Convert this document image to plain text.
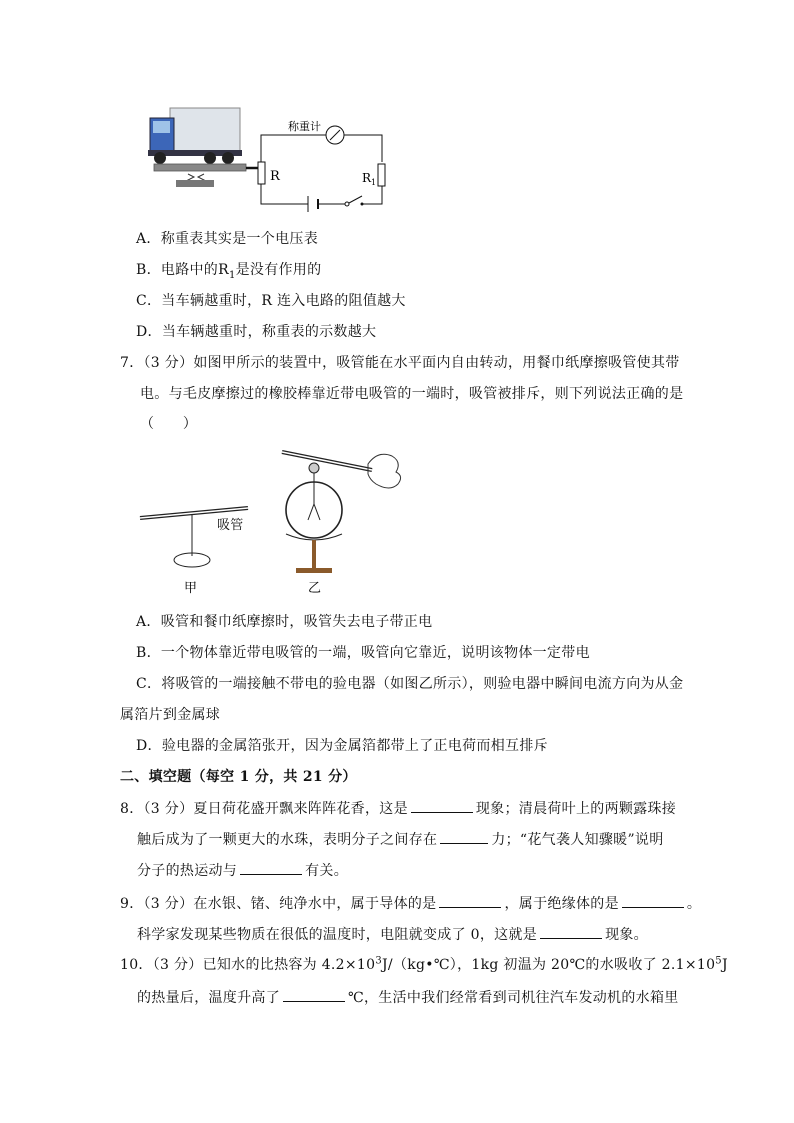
R
称重计
$R_1$
A．称重表其实是一个电压表
B．电路中的$R_1$是没有作用的
C．当车辆越重时，R 连入电路的阻值越大
D．当车辆越重时，称重表的示数越大
7．（3 分）如图甲所示的装置中，吸管能在水平面内自由转动，用餐巾纸摩擦吸管使其带
电。与毛皮摩擦过的橡胶棒靠近带电吸管的一端时，吸管被排斥，则下列说法正确的是
（　　）
甲
吸管
乙
A．吸管和餐巾纸摩擦时，吸管失去电子带正电
B．一个物体靠近带电吸管的一端，吸管向它靠近，说明该物体一定带电
C．将吸管的一端接触不带电的验电器（如图乙所示），则验电器中瞬间电流方向为从金
属箔片到金属球
D．验电器的金属箔张开，因为金属箔都带上了正电荷而相互排斥
二、填空题（每空 1 分，共 21 分）
8．（3 分）夏日荷花盛开飘来阵阵花香，这是	现象；清晨荷叶上的两颗露珠接
触后成为了一颗更大的水珠，表明分子之间存在	力；“花气袭人知骤暖”说明
分子的热运动与	有关。
9．（3 分）在水银、锗、纯净水中，属于导体的是	，属于绝缘体的是	。
科学家发现某些物质在很低的温度时，电阻就变成了 0，这就是	现象。
10．（3 分）已知水的比热容为 $4.2\times 10^3J/(kg•℃)$，1kg 初温为 20℃的水吸收了 $2.1\times 10^5J$
的热量后，温度升高了	℃，生活中我们经常看到司机往汽车发动机的水箱里
